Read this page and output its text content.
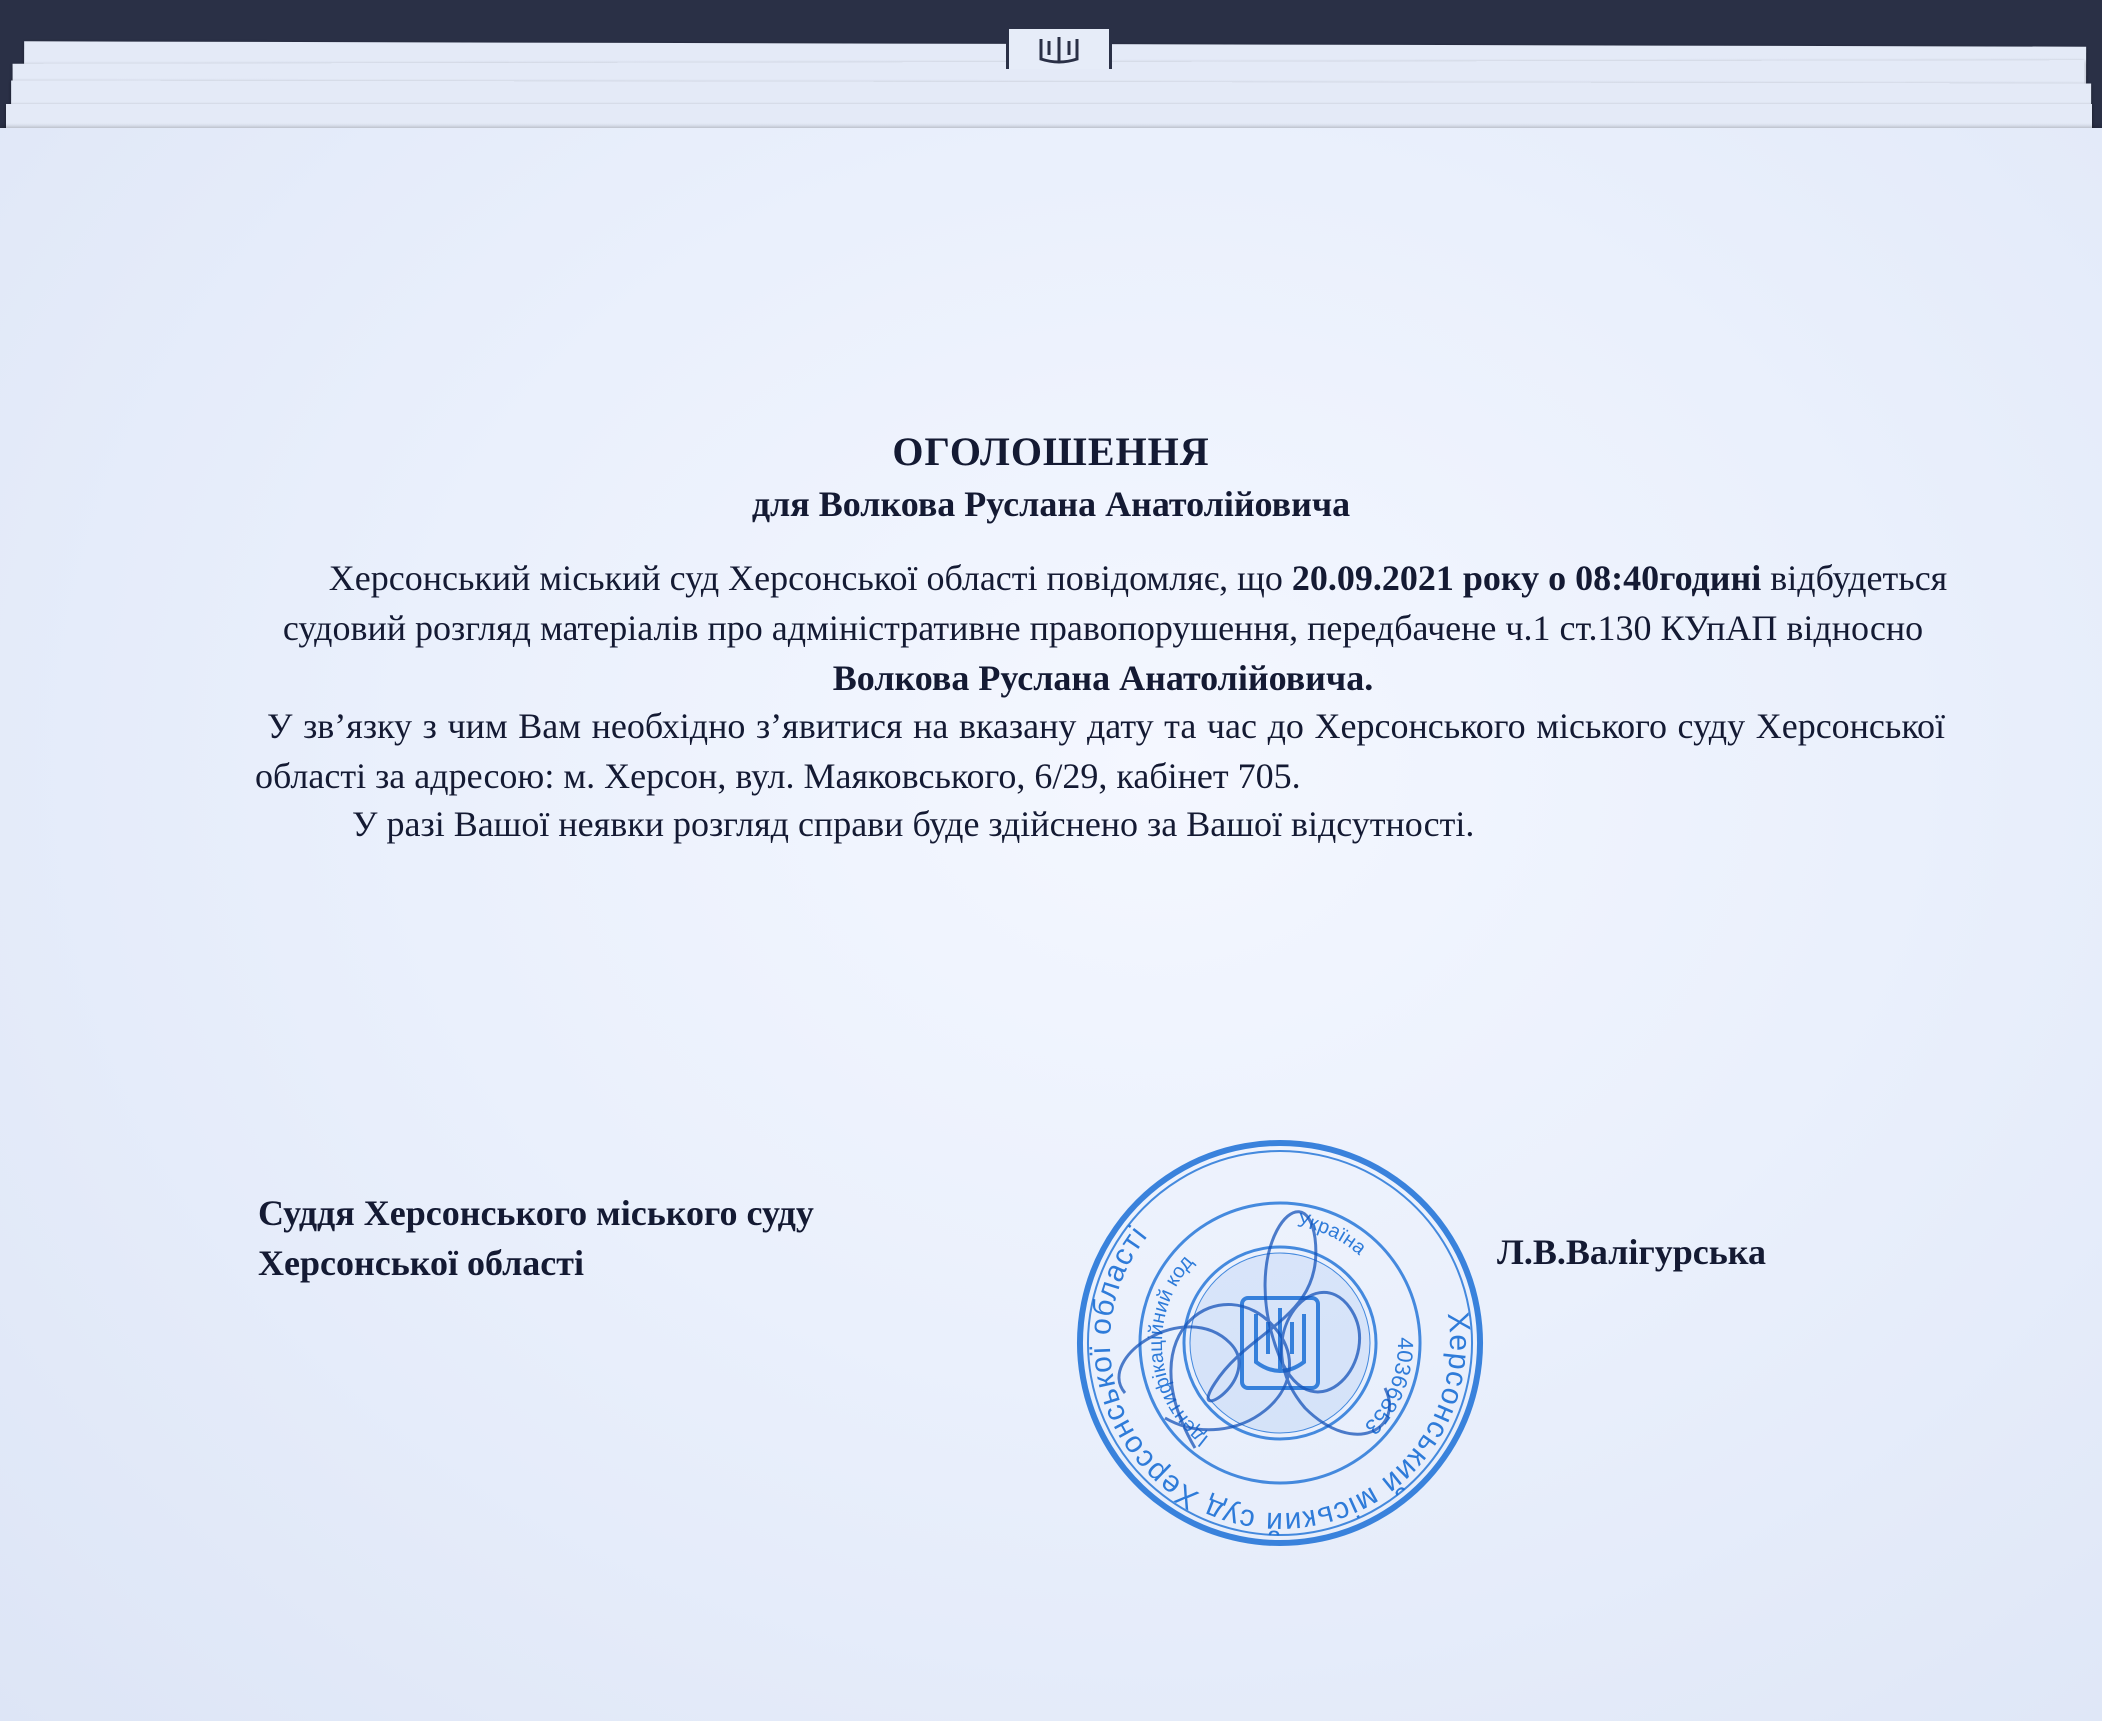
ОГОЛОШЕННЯ
для Волкова Руслана Анатолійовича

Херсонський міський суд Херсонської області повідомляє, що 20.09.2021 року о 08:40годині відбудеться судовий розгляд матеріалів про адміністративне правопорушення, передбачене ч.1 ст.130 КУпАП відносно Волкова Руслана Анатолійовича.

У зв’язку з чим Вам необхідно з’явитися на вказану дату та час до Херсонського міського суду Херсонської області за адресою: м. Херсон, вул. Маяковського, 6/29, кабінет 705.

У разі Вашої неявки розгляд справи буде здійснено за Вашої відсутності.

Суддя Херсонського міського суду
Херсонської області	Л.В.Валігурська
Херсонський міський суд Херсонської області
40366853
Ідентифікаційний код
Україна
